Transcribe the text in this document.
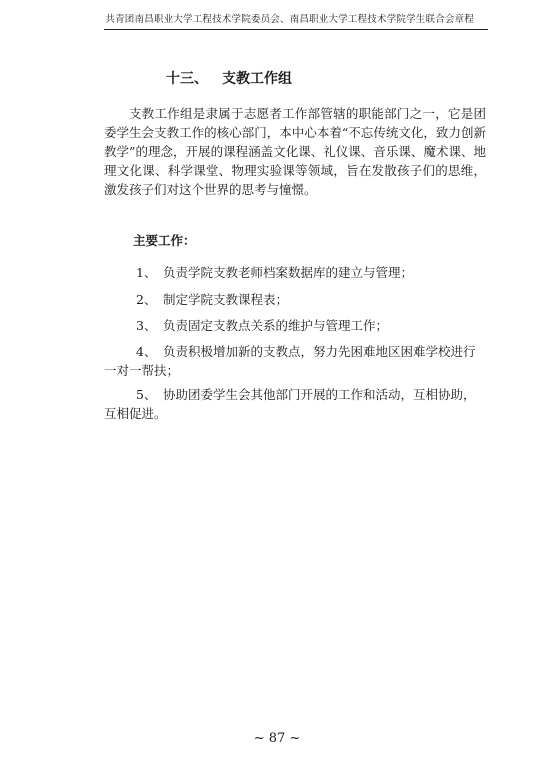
共青团南昌职业大学工程技术学院委员会、南昌职业大学工程技术学院学生联合会章程
十三、 支教工作组

支教工作组是隶属于志愿者工作部管辖的职能部门之一，它是团委学生会支教工作的核心部门，本中心本着“不忘传统文化，致力创新教学”的理念，开展的课程涵盖文化课、礼仪课、音乐课、魔术课、地理文化课、科学课堂、物理实验课等领域，旨在发散孩子们的思维，激发孩子们对这个世界的思考与憧憬。

主要工作：

1、 负责学院支教老师档案数据库的建立与管理；

2、 制定学院支教课程表；

3、 负责固定支教点关系的维护与管理工作；

4、 负责积极增加新的支教点，努力先困难地区困难学校进行一对一帮扶；

5、 协助团委学生会其他部门开展的工作和活动，互相协助，互相促进。

~ 87 ~
